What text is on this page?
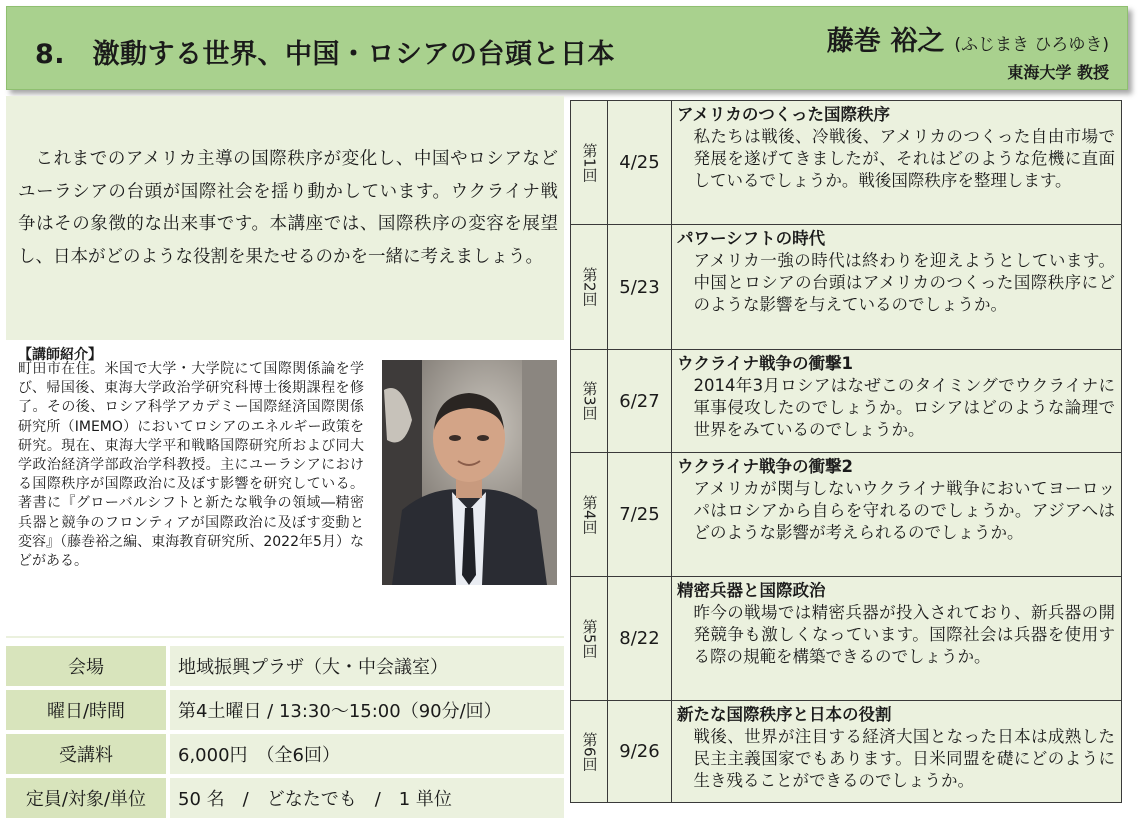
8.　激動する世界、中国・ロシアの台頭と日本	藤巻 裕之 (ふじまき ひろゆき)
東海大学 教授

これまでのアメリカ主導の国際秩序が変化し、中国やロシアなどユーラシアの台頭が国際社会を揺り動かしています。ウクライナ戦争はその象徴的な出来事です。本講座では、国際秩序の変容を展望し、日本がどのような役割を果たせるのかを一緒に考えましょう。

【講師紹介】

町田市在住。米国で大学・大学院にて国際関係論を学び、帰国後、東海大学政治学研究科博士後期課程を修了。その後、ロシア科学アカデミー国際経済国際関係研究所（IMEMO）においてロシアのエネルギー政策を研究。現在、東海大学平和戦略国際研究所および同大学政治経済学部政治学科教授。主にユーラシアにおける国際秩序が国際政治に及ぼす影響を研究している。著書に『グローバルシフトと新たな戦争の領域―精密兵器と競争のフロンティアが国際政治に及ぼす変動と変容』（藤巻裕之編、東海教育研究所、2022年5月）などがある。

会場	地域振興プラザ（大・中会議室）
曜日/時間	第4土曜日 / 13:30～15:00（90分/回）
受講料	6,000円　（全6回）
定員/対象/単位	50 名　/　どなたでも　/　1 単位
第1回	4/25
アメリカのつくった国際秩序
私たちは戦後、冷戦後、アメリカのつくった自由市場で発展を遂げてきましたが、それはどのような危機に直面しているでしょうか。戦後国際秩序を整理します。
第2回	5/23
パワーシフトの時代
アメリカ一強の時代は終わりを迎えようとしています。中国とロシアの台頭はアメリカのつくった国際秩序にどのような影響を与えているのでしょうか。
第3回	6/27
ウクライナ戦争の衝撃1
2014年3月ロシアはなぜこのタイミングでウクライナに軍事侵攻したのでしょうか。ロシアはどのような論理で世界をみているのでしょうか。
第4回	7/25
ウクライナ戦争の衝撃2
アメリカが関与しないウクライナ戦争においてヨーロッパはロシアから自らを守れるのでしょうか。アジアへはどのような影響が考えられるのでしょうか。
第5回	8/22
精密兵器と国際政治
昨今の戦場では精密兵器が投入されており、新兵器の開発競争も激しくなっています。国際社会は兵器を使用する際の規範を構築できるのでしょうか。
第6回	9/26
新たな国際秩序と日本の役割
戦後、世界が注目する経済大国となった日本は成熟した民主主義国家でもあります。日米同盟を礎にどのように生き残ることができるのでしょうか。
